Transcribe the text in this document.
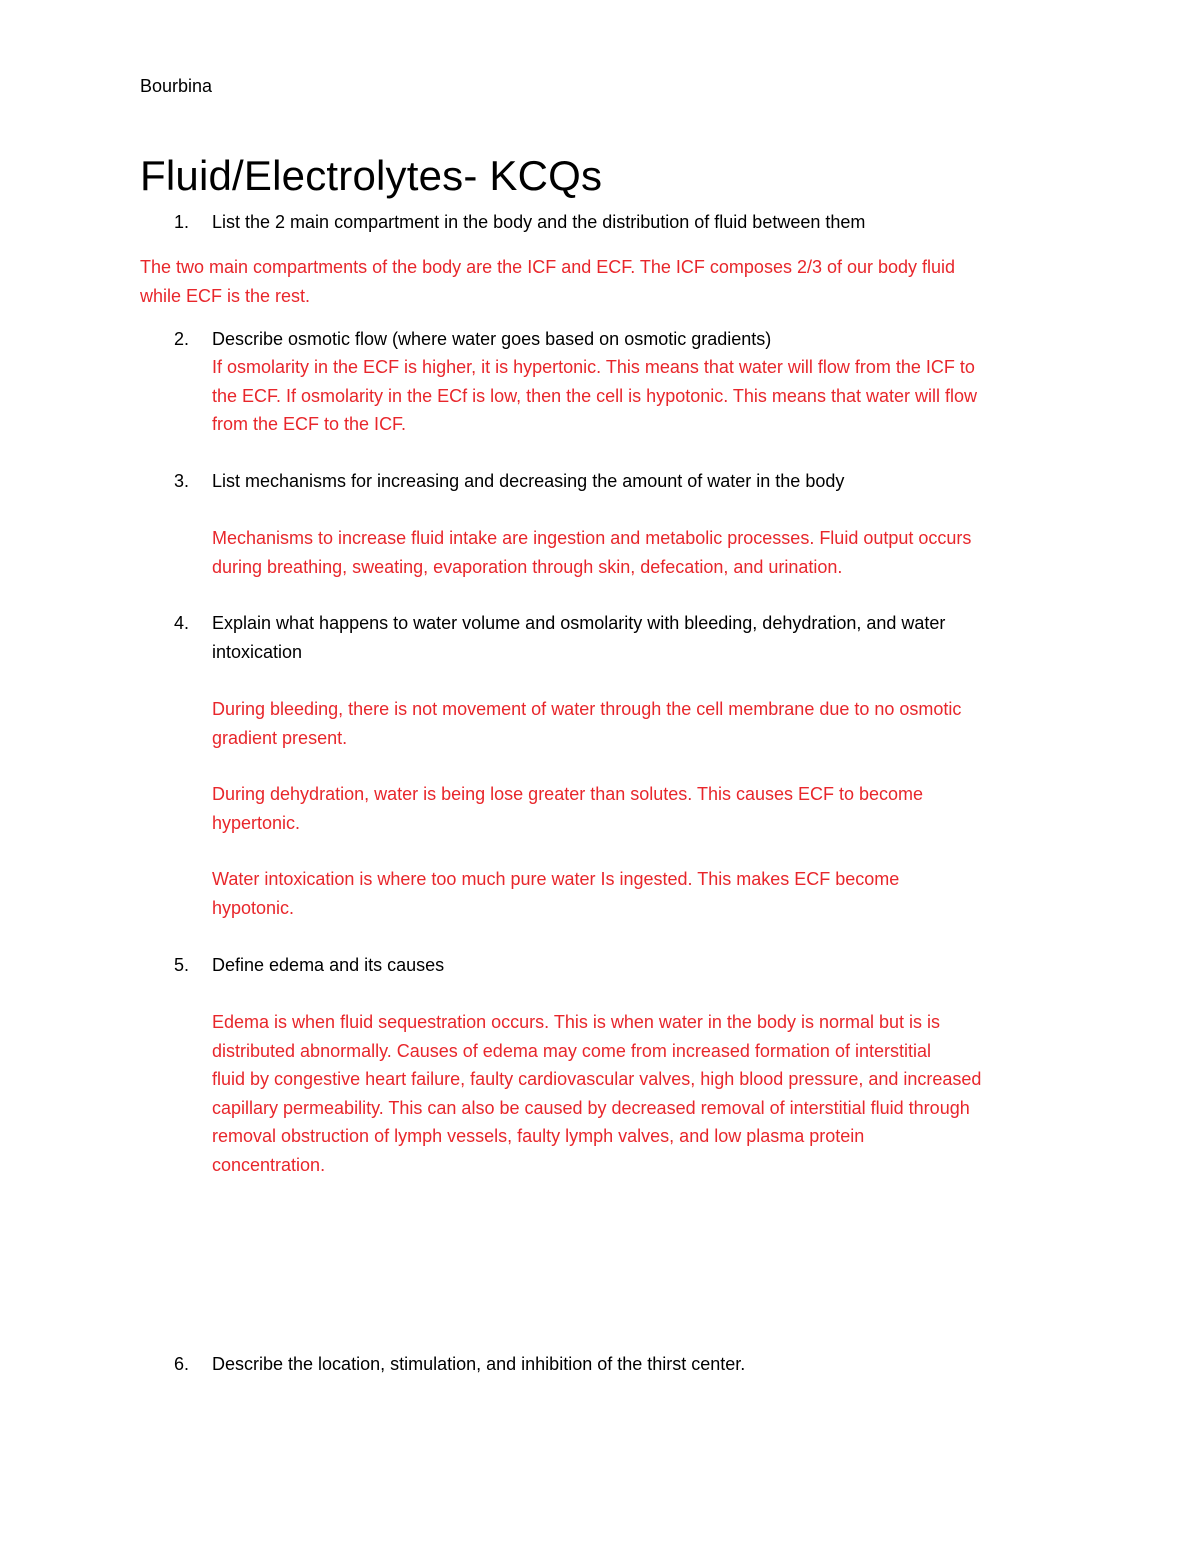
Bourbina
Fluid/Electrolytes- KCQs
1. List the 2 main compartment in the body and the distribution of fluid between them
The two main compartments of the body are the ICF and ECF. The ICF composes 2/3 of our body fluid
while ECF is the rest.
2. Describe osmotic flow (where water goes based on osmotic gradients)
If osmolarity in the ECF is higher, it is hypertonic. This means that water will flow from the ICF to
the ECF. If osmolarity in the ECf is low, then the cell is hypotonic. This means that water will flow
from the ECF to the ICF.
3. List mechanisms for increasing and decreasing the amount of water in the body
Mechanisms to increase fluid intake are ingestion and metabolic processes. Fluid output occurs
during breathing, sweating, evaporation through skin, defecation, and urination.
4. Explain what happens to water volume and osmolarity with bleeding, dehydration, and water
intoxication
During bleeding, there is not movement of water through the cell membrane due to no osmotic
gradient present.
During dehydration, water is being lose greater than solutes. This causes ECF to become
hypertonic.
Water intoxication is where too much pure water Is ingested. This makes ECF become
hypotonic.
5. Define edema and its causes
Edema is when fluid sequestration occurs. This is when water in the body is normal but is is
distributed abnormally. Causes of edema may come from increased formation of interstitial
fluid by congestive heart failure, faulty cardiovascular valves, high blood pressure, and increased
capillary permeability. This can also be caused by decreased removal of interstitial fluid through
removal obstruction of lymph vessels, faulty lymph valves, and low plasma protein
concentration.
6. Describe the location, stimulation, and inhibition of the thirst center.
